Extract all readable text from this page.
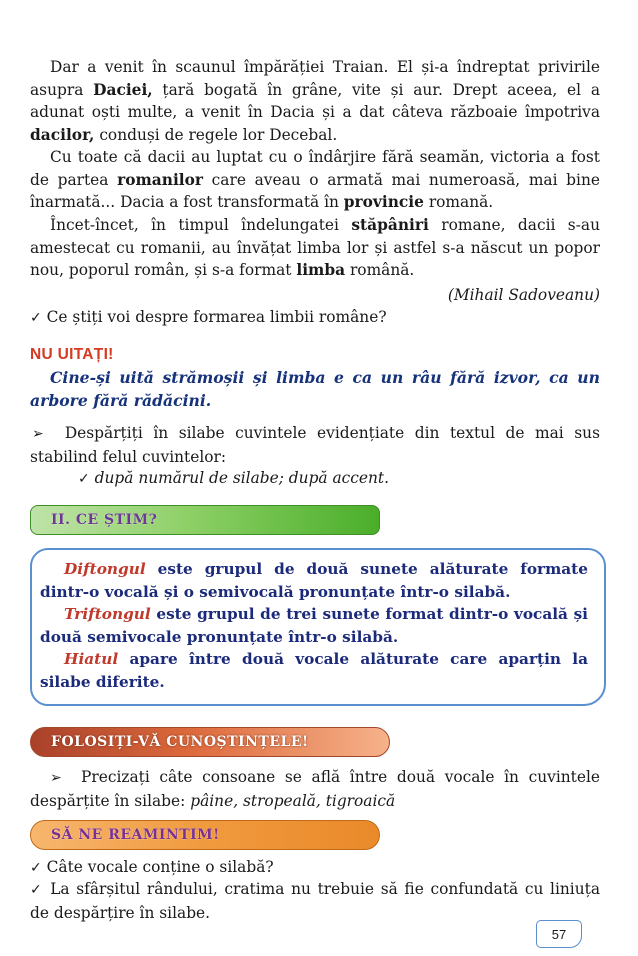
Dar a venit în scaunul împărăției Traian. El și-a îndreptat privirile asupra Daciei, țară bogată în grâne, vite și aur. Drept aceea, el a adunat oști multe, a venit în Dacia și a dat câteva războaie împotriva dacilor, conduși de regele lor Decebal.
Cu toate că dacii au luptat cu o îndârjire fără seamăn, victoria a fost de partea romanilor care aveau o armată mai numeroasă, mai bine înarmată... Dacia a fost transformată în provincie romană.
Încet-încet, în timpul îndelungatei stăpâniri romane, dacii s-au amestecat cu romanii, au învățat limba lor și astfel s-a născut un popor nou, poporul român, și s-a format limba română.
(Mihail Sadoveanu)
✓ Ce știți voi despre formarea limbii române?
NU UITAȚI!
Cine-și uită strămoșii și limba e ca un râu fără izvor, ca un arbore fără rădăcini.
➢ Despărțiți în silabe cuvintele evidențiate din textul de mai sus stabilind felul cuvintelor:
✓ după numărul de silabe; după accent.
II. CE ȘTIM?

Diftongul este grupul de două sunete alăturate formate dintr-o vocală și o semivocală pronunțate într-o silabă.

Triftongul este grupul de trei sunete format dintr-o vocală și două semivocale pronunțate într-o silabă.

Hiatul apare între două vocale alăturate care aparțin la silabe diferite.

FOLOSIȚI-VĂ CUNOȘTINȚELE!
➢ Precizați câte consoane se află între două vocale în cuvintele despărțite în silabe: pâine, stropeală, tigroaică
SĂ NE REAMINTIM!
✓ Câte vocale conține o silabă?
✓ La sfârșitul rândului, cratima nu trebuie să fie confundată cu liniuța de despărțire în silabe.
57
